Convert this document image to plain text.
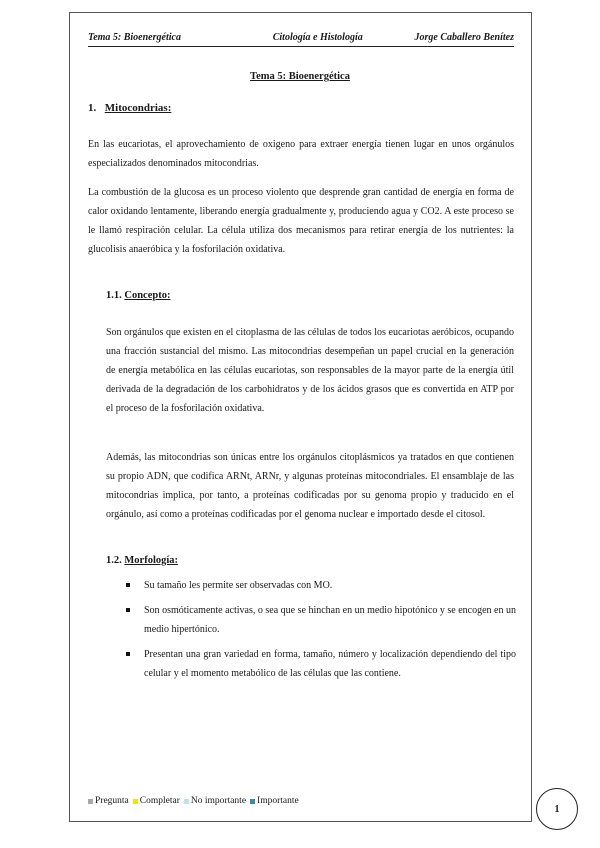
Tema 5: Bioenergética	Citología e Histología	Jorge Caballero Benítez
Tema 5: Bioenergética
1. Mitocondrias:

En las eucariotas, el aprovechamiento de oxigeno para extraer energía tienen lugar en unos orgánulos especializados denominados mitocondrias.

La combustión de la glucosa es un proceso violento que desprende gran cantidad de energía en forma de calor oxidando lentamente, liberando energía gradualmente y, produciendo agua y CO2. A este proceso se le llamó respiración celular. La célula utiliza dos mecanismos para retirar energía de los nutrientes: la glucolisis anaeróbica y la fosforilación oxidativa.

1.1. Concepto:

Son orgánulos que existen en el citoplasma de las células de todos los eucariotas aeróbicos, ocupando una fracción sustancial del mismo. Las mitocondrias desempeñan un papel crucial en la generación de energía metabólica en las células eucariotas, son responsables de la mayor parte de la energía útil derivada de la degradación de los carbohidratos y de los ácidos grasos que es convertida en ATP por el proceso de la fosforilación oxidativa.

Además, las mitocondrias son únicas entre los orgánulos citoplásmicos ya tratados en que contienen su propio ADN, que codifica ARNt, ARNr, y algunas proteínas mitocondriales. El ensamblaje de las mitocondrias implica, por tanto, a proteínas codificadas por su genoma propio y traducido en el orgánulo, así como a proteínas codificadas por el genoma nuclear e importado desde el citosol.

1.2. Morfología:
Su tamaño les permite ser observadas con MO.
Son osmóticamente activas, o sea que se hinchan en un medio hipotónico y se encogen en un medio hipertónico.
Presentan una gran variedad en forma, tamaño, número y localización dependiendo del tipo celular y el momento metabólico de las células que las contiene.
Pregunta Completar No importante Importante
1
